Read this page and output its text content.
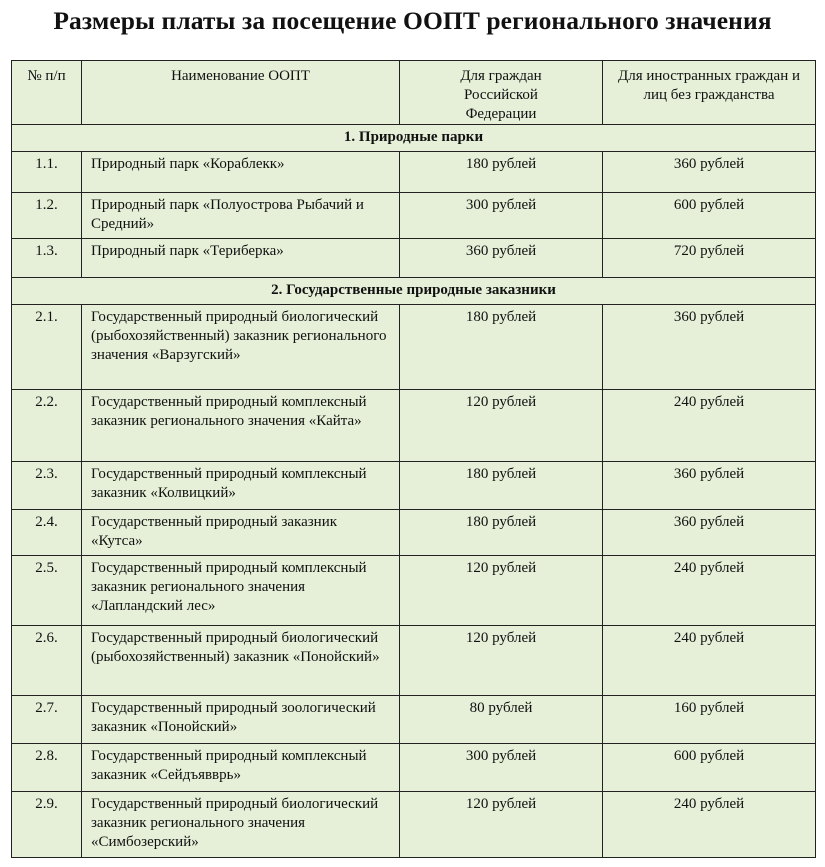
Размеры платы за посещение ООПТ регионального значения
№ п/п	Наименование ООПТ	Для граждан Российской Федерации	Для иностранных граждан и лиц без гражданства
1. Природные парки			
1.1.	Природный парк «Кораблекк»	180 рублей	360 рублей
1.2.	Природный парк «Полуострова Рыбачий и Средний»	300 рублей	600 рублей
1.3.	Природный парк «Териберка»	360 рублей	720 рублей
2. Государственные природные заказники			
2.1.	Государственный природный биологический (рыбохозяйственный) заказник регионального значения «Варзугский»	180 рублей	360 рублей
2.2.	Государственный природный комплексный заказник регионального значения «Кайта»	120 рублей	240 рублей
2.3.	Государственный природный комплексный заказник «Колвицкий»	180 рублей	360 рублей
2.4.	Государственный природный заказник «Кутса»	180 рублей	360 рублей
2.5.	Государственный природный комплексный заказник регионального значения «Лапландский лес»	120 рублей	240 рублей
2.6.	Государственный природный биологический (рыбохозяйственный) заказник «Понойский»	120 рублей	240 рублей
2.7.	Государственный природный зоологический заказник «Понойский»	80 рублей	160 рублей
2.8.	Государственный природный комплексный заказник «Сейдъявврь»	300 рублей	600 рублей
2.9.	Государственный природный биологический заказник регионального значения «Симбозерский»	120 рублей	240 рублей
